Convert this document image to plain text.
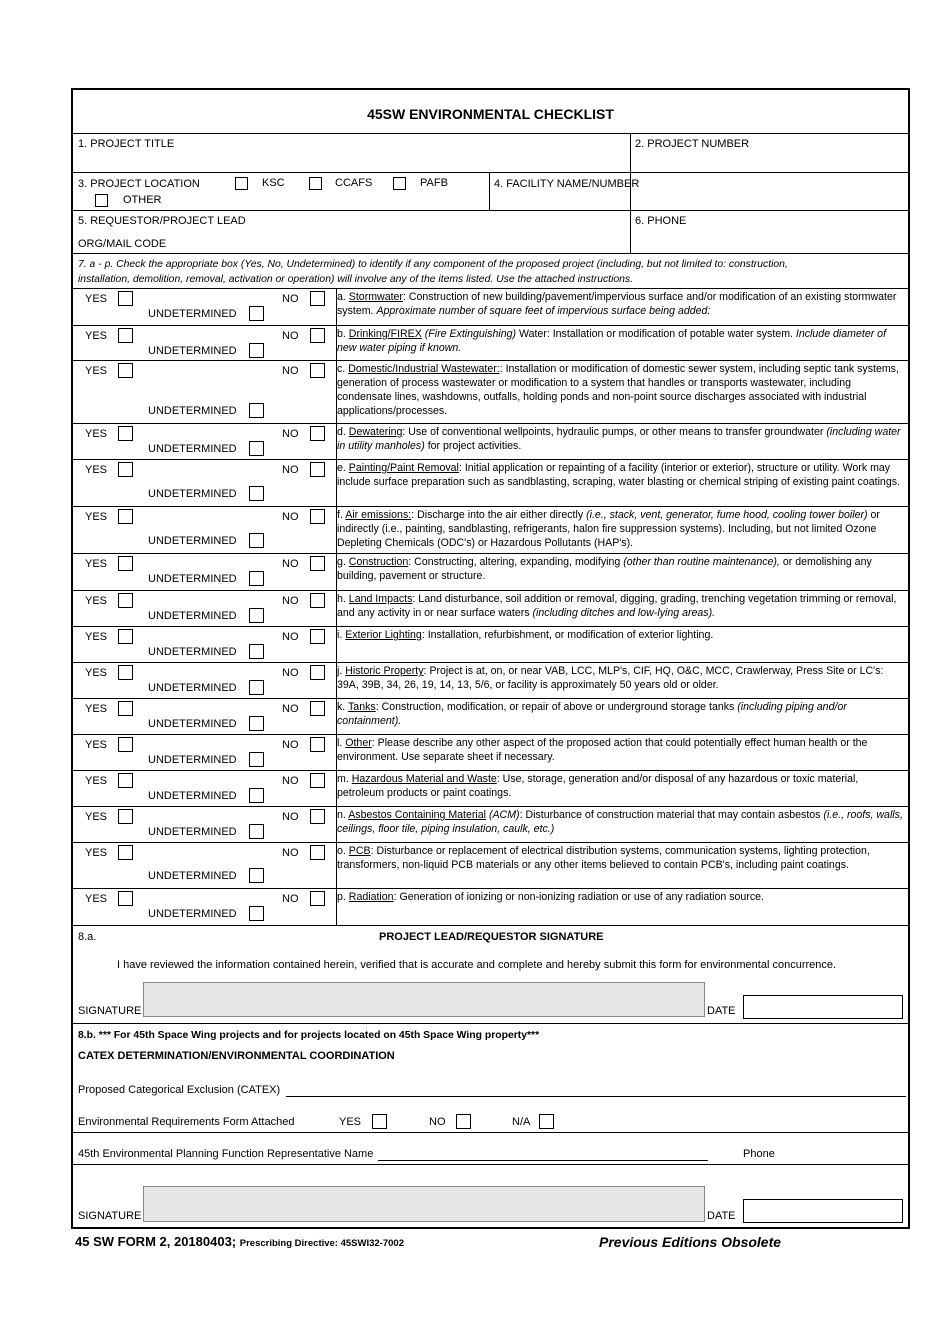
45SW ENVIRONMENTAL CHECKLIST
1. PROJECT TITLE	2. PROJECT NUMBER
3. PROJECT LOCATION	KSC	CCAFS	PAFB
OTHER
4. FACILITY NAME/NUMBER
5. REQUESTOR/PROJECT LEAD	6. PHONE
ORG/MAIL CODE
7. a - p. Check the appropriate box (Yes, No, Undetermined) to identify if any component of the proposed project (including, but not limited to: construction,
installation, demolition, removal, activation or operation) will involve any of the items listed. Use the attached instructions.
YES	NO
UNDETERMINED
a. Stormwater: Construction of new building/pavement/impervious surface and/or modification of an existing stormwater system. Approximate number of square feet of impervious surface being added:
YES	NO
UNDETERMINED
b. Drinking/FIREX (Fire Extinguishing) Water: Installation or modification of potable water system. Include diameter of new water piping if known.
YES	NO
UNDETERMINED
c. Domestic/Industrial Wastewater:: Installation or modification of domestic sewer system, including septic tank systems, generation of process wastewater or modification to a system that handles or transports wastewater, including condensate lines, washdowns, outfalls, holding ponds and non-point source discharges associated with industrial applications/processes.
YES	NO
UNDETERMINED
d. Dewatering: Use of conventional wellpoints, hydraulic pumps, or other means to transfer groundwater (including water in utility manholes) for project activities.
YES	NO
UNDETERMINED
e. Painting/Paint Removal: Initial application or repainting of a facility (interior or exterior), structure or utility. Work may include surface preparation such as sandblasting, scraping, water blasting or chemical striping of existing paint coatings.
YES	NO
UNDETERMINED
f. Air emissions:: Discharge into the air either directly (i.e., stack, vent, generator, fume hood, cooling tower boiler) or indirectly (i.e., painting, sandblasting, refrigerants, halon fire suppression systems). Including, but not limited Ozone Depleting Chemicals (ODC's) or Hazardous Pollutants (HAP's).
YES	NO
UNDETERMINED
g. Construction: Constructing, altering, expanding, modifying (other than routine maintenance), or demolishing any building, pavement or structure.
YES	NO
UNDETERMINED
h. Land Impacts: Land disturbance, soil addition or removal, digging, grading, trenching vegetation trimming or removal, and any activity in or near surface waters (including ditches and low-lying areas).
YES	NO
UNDETERMINED
i. Exterior Lighting: Installation, refurbishment, or modification of exterior lighting.
YES	NO
UNDETERMINED
j. Historic Property: Project is at, on, or near VAB, LCC, MLP's, CIF, HQ, O&C, MCC, Crawlerway, Press Site or LC's: 39A, 39B, 34, 26, 19, 14, 13, 5/6, or facility is approximately 50 years old or older.
YES	NO
UNDETERMINED
k. Tanks: Construction, modification, or repair of above or underground storage tanks (including piping and/or containment).
YES	NO
UNDETERMINED
l. Other: Please describe any other aspect of the proposed action that could potentially effect human health or the environment. Use separate sheet if necessary.
YES	NO
UNDETERMINED
m. Hazardous Material and Waste: Use, storage, generation and/or disposal of any hazardous or toxic material, petroleum products or paint coatings.
YES	NO
UNDETERMINED
n. Asbestos Containing Material (ACM): Disturbance of construction material that may contain asbestos (i.e., roofs, walls, ceilings, floor tile, piping insulation, caulk, etc.)
YES	NO
UNDETERMINED
o. PCB: Disturbance or replacement of electrical distribution systems, communication systems, lighting protection, transformers, non-liquid PCB materials or any other items believed to contain PCB's, including paint coatings.
YES	NO
UNDETERMINED
p. Radiation: Generation of ionizing or non-ionizing radiation or use of any radiation source.
8.a.	PROJECT LEAD/REQUESTOR SIGNATURE
I have reviewed the information contained herein, verified that is accurate and complete and hereby submit this form for environmental concurrence.
SIGNATURE	DATE
8.b. *** For 45th Space Wing projects and for projects located on 45th Space Wing property***
CATEX DETERMINATION/ENVIRONMENTAL COORDINATION
Proposed Categorical Exclusion (CATEX)
Environmental Requirements Form Attached	YES	NO	N/A
45th Environmental Planning Function Representative Name	Phone
SIGNATURE	DATE
45 SW FORM 2, 20180403; Prescribing Directive: 45SWI32-7002	Previous Editions Obsolete
